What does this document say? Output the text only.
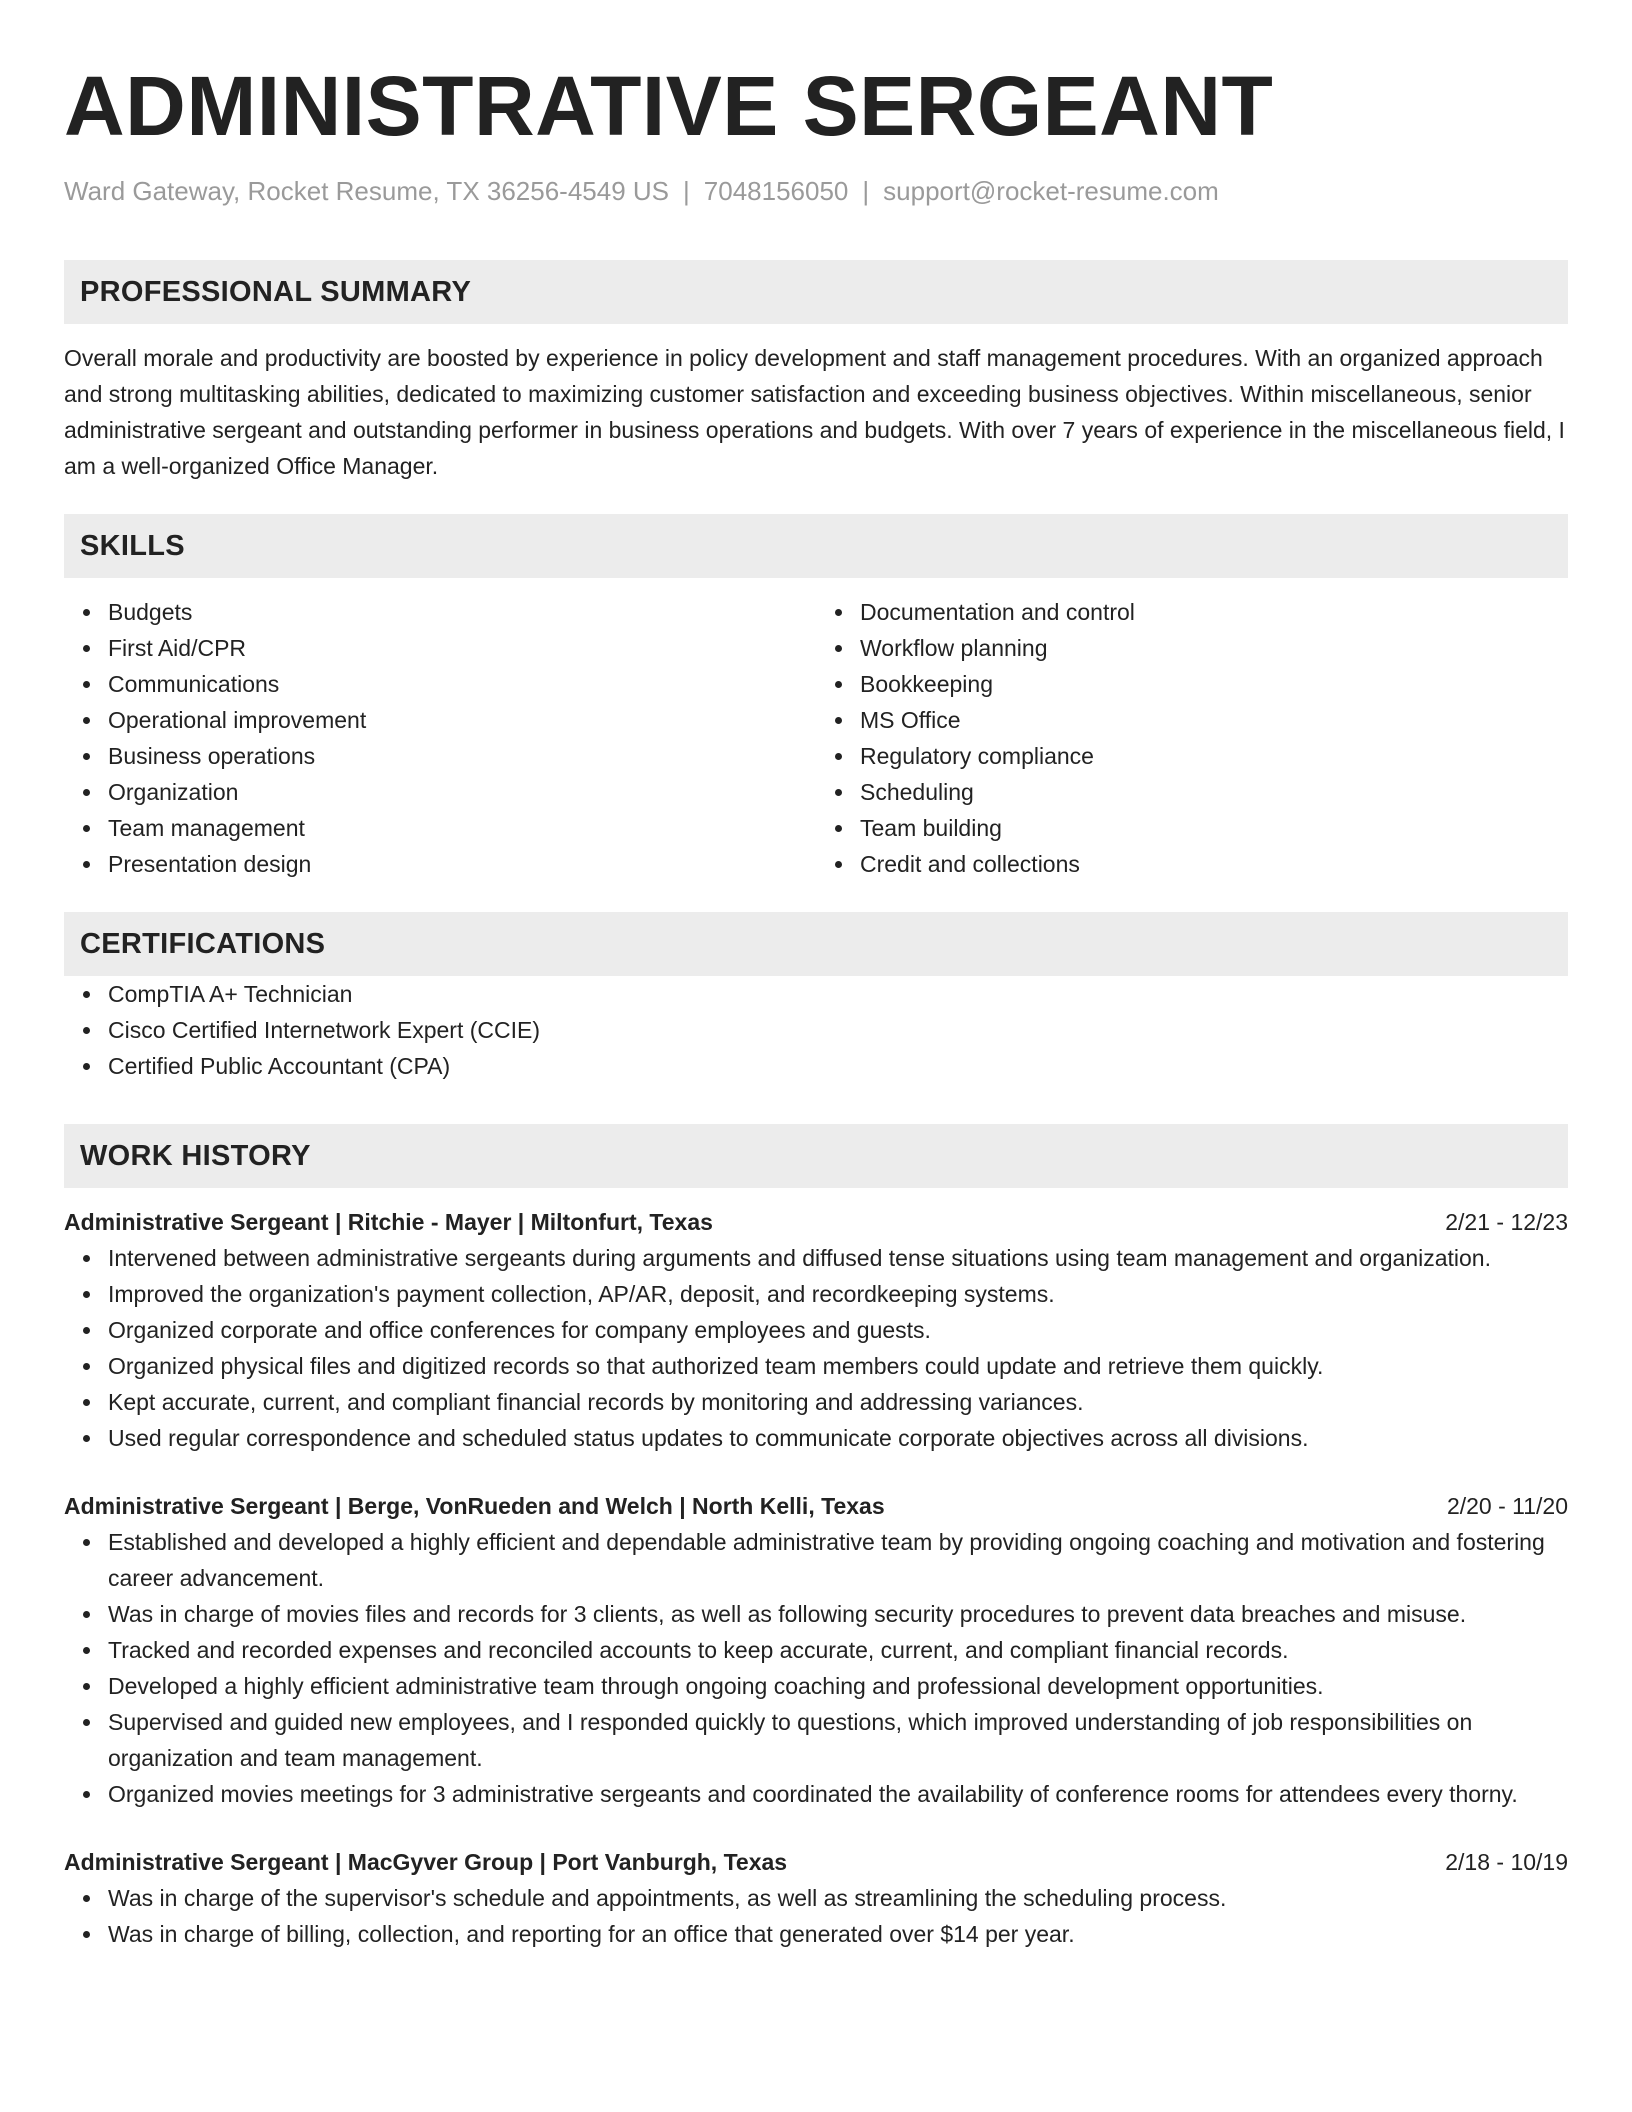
ADMINISTRATIVE SERGEANT
Ward Gateway, Rocket Resume, TX 36256-4549 US | 7048156050 | support@rocket-resume.com
PROFESSIONAL SUMMARY

Overall morale and productivity are boosted by experience in policy development and staff management procedures. With an organized approach and strong multitasking abilities, dedicated to maximizing customer satisfaction and exceeding business objectives. Within miscellaneous, senior administrative sergeant and outstanding performer in business operations and budgets. With over 7 years of experience in the miscellaneous field, I am a well-organized Office Manager.

SKILLS
Budgets
First Aid/CPR
Communications
Operational improvement
Business operations
Organization
Team management
Presentation design
Documentation and control
Workflow planning
Bookkeeping
MS Office
Regulatory compliance
Scheduling
Team building
Credit and collections
CERTIFICATIONS
CompTIA A+ Technician
Cisco Certified Internetwork Expert (CCIE)
Certified Public Accountant (CPA)
WORK HISTORY
Administrative Sergeant | Ritchie - Mayer | Miltonfurt, Texas	2/21 - 12/23
Intervened between administrative sergeants during arguments and diffused tense situations using team management and organization.
Improved the organization's payment collection, AP/AR, deposit, and recordkeeping systems.
Organized corporate and office conferences for company employees and guests.
Organized physical files and digitized records so that authorized team members could update and retrieve them quickly.
Kept accurate, current, and compliant financial records by monitoring and addressing variances.
Used regular correspondence and scheduled status updates to communicate corporate objectives across all divisions.
Administrative Sergeant | Berge, VonRueden and Welch | North Kelli, Texas	2/20 - 11/20
Established and developed a highly efficient and dependable administrative team by providing ongoing coaching and motivation and fostering career advancement.
Was in charge of movies files and records for 3 clients, as well as following security procedures to prevent data breaches and misuse.
Tracked and recorded expenses and reconciled accounts to keep accurate, current, and compliant financial records.
Developed a highly efficient administrative team through ongoing coaching and professional development opportunities.
Supervised and guided new employees, and I responded quickly to questions, which improved understanding of job responsibilities on organization and team management.
Organized movies meetings for 3 administrative sergeants and coordinated the availability of conference rooms for attendees every thorny.
Administrative Sergeant | MacGyver Group | Port Vanburgh, Texas	2/18 - 10/19
Was in charge of the supervisor's schedule and appointments, as well as streamlining the scheduling process.
Was in charge of billing, collection, and reporting for an office that generated over $14 per year.
